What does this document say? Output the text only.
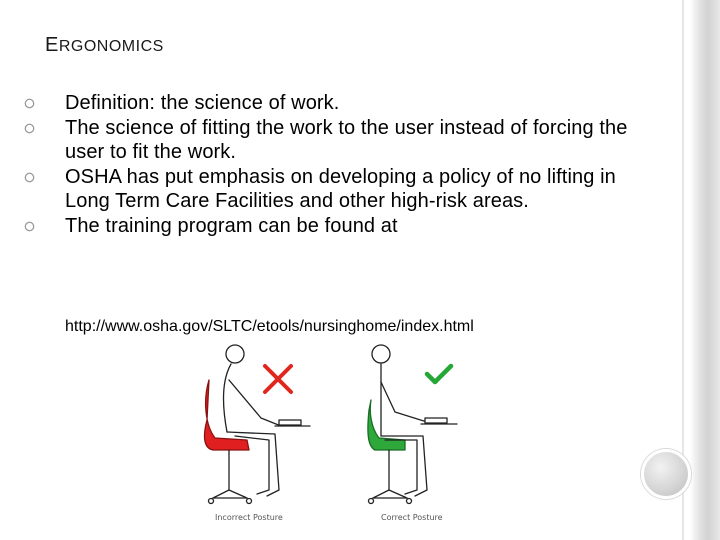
ERGONOMICS
Definition: the science of work.
The science of fitting the work to the user instead of forcing the user to fit the work.
OSHA has put emphasis on developing a policy of no lifting in Long Term Care Facilities and other high-risk areas.
The training program can be found at
http://www.osha.gov/SLTC/etools/nursinghome/index.html
Incorrect Posture	Correct Posture
